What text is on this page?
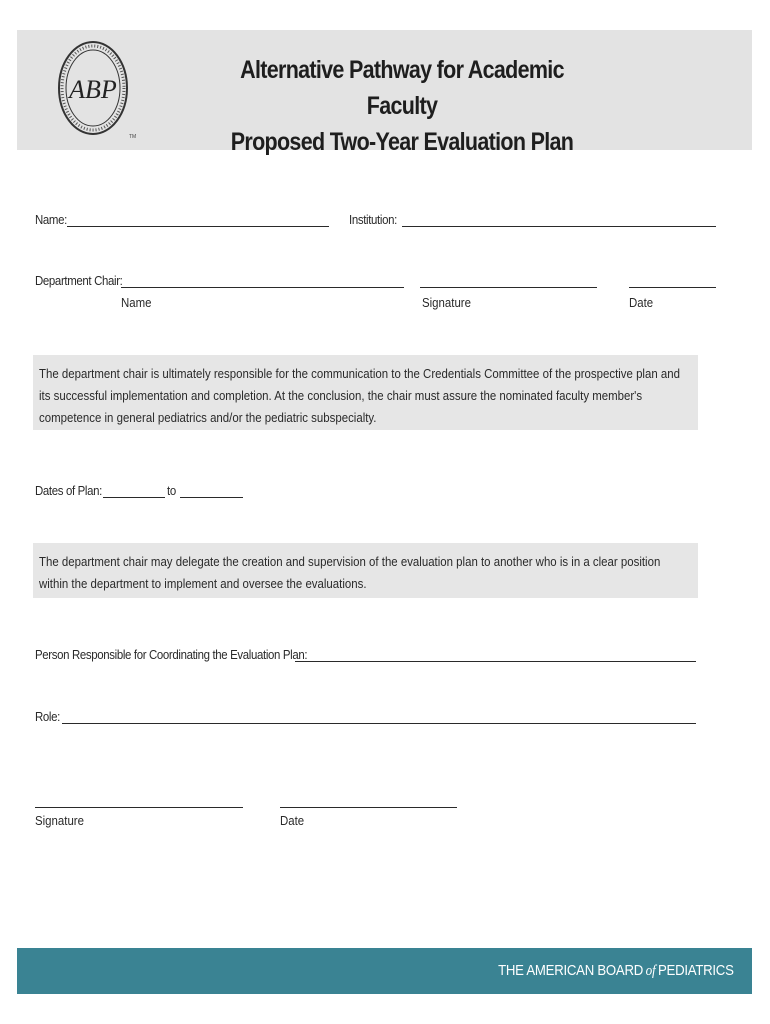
ABP
TM
Alternative Pathway for Academic Faculty
Proposed Two-Year Evaluation Plan
Name:	Institution:
Department Chair:
Name	Signature	Date
The department chair is ultimately responsible for the communication to the Credentials Committee of the prospective plan and its successful implementation and completion. At the conclusion, the chair must assure the nominated faculty member's competence in general pediatrics and/or the pediatric subspecialty.
Dates of Plan:	to
The department chair may delegate the creation and supervision of the evaluation plan to another who is in a clear position within the department to implement and oversee the evaluations.
Person Responsible for Coordinating the Evaluation Plan:
Role:
Signature	Date
THE AMERICAN BOARD of PEDIATRICS
